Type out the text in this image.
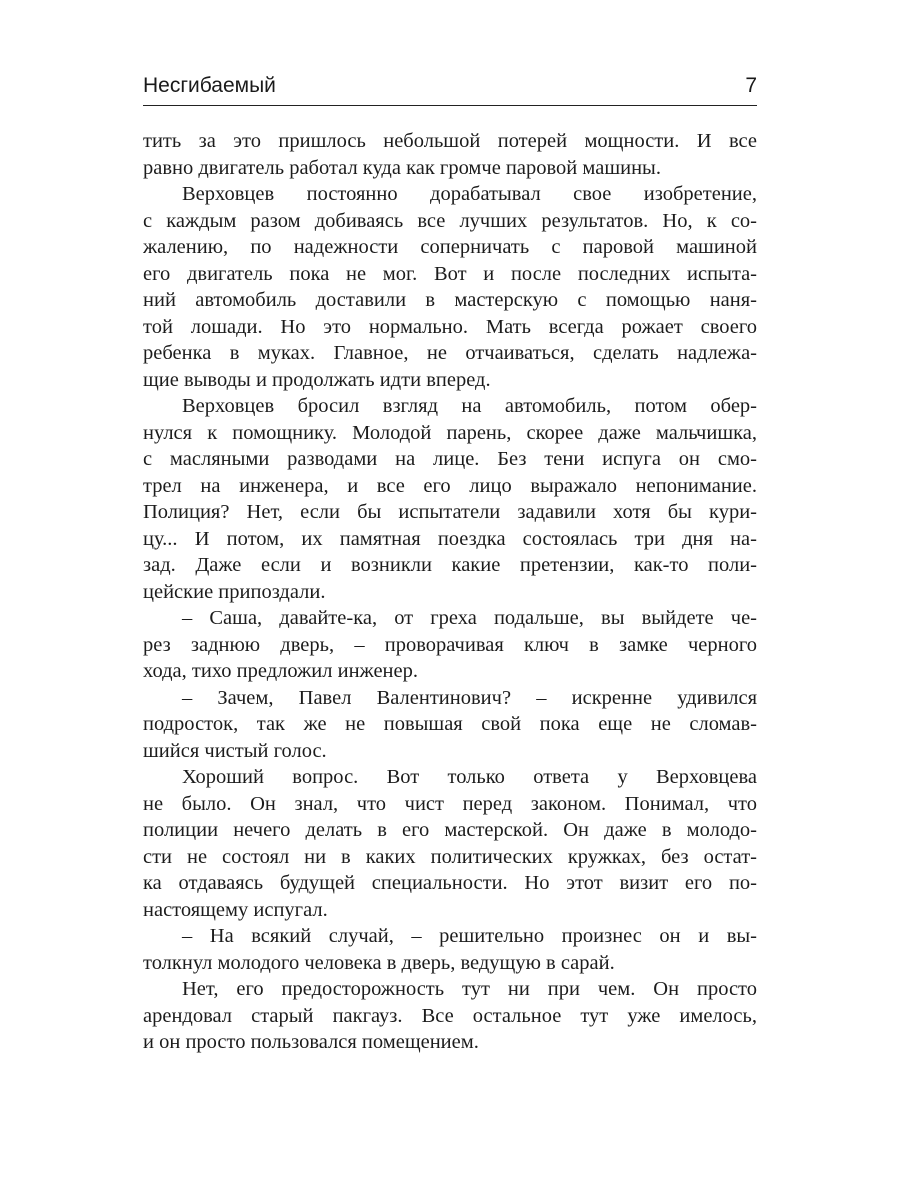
Несгибаемый	7
тить за это пришлось небольшой потерей мощности. И все
равно двигатель работал куда как громче паровой машины.
Верховцев постоянно дорабатывал свое изобретение,
с каждым разом добиваясь все лучших результатов. Но, к со-
жалению, по надежности соперничать с паровой машиной
его двигатель пока не мог. Вот и после последних испыта-
ний автомобиль доставили в мастерскую с помощью наня-
той лошади. Но это нормально. Мать всегда рожает своего
ребенка в муках. Главное, не отчаиваться, сделать надлежа-
щие выводы и продолжать идти вперед.
Верховцев бросил взгляд на автомобиль, потом обер-
нулся к помощнику. Молодой парень, скорее даже мальчишка,
с масляными разводами на лице. Без тени испуга он смо-
трел на инженера, и все его лицо выражало непонимание.
Полиция? Нет, если бы испытатели задавили хотя бы кури-
цу... И потом, их памятная поездка состоялась три дня на-
зад. Даже если и возникли какие претензии, как-то поли-
цейские припоздали.
– Саша, давайте-ка, от греха подальше, вы выйдете че-
рез заднюю дверь, – проворачивая ключ в замке черного
хода, тихо предложил инженер.
– Зачем, Павел Валентинович? – искренне удивился
подросток, так же не повышая свой пока еще не сломав-
шийся чистый голос.
Хороший вопрос. Вот только ответа у Верховцева
не было. Он знал, что чист перед законом. Понимал, что
полиции нечего делать в его мастерской. Он даже в молодо-
сти не состоял ни в каких политических кружках, без остат-
ка отдаваясь будущей специальности. Но этот визит его по-
настоящему испугал.
– На всякий случай, – решительно произнес он и вы-
толкнул молодого человека в дверь, ведущую в сарай.
Нет, его предосторожность тут ни при чем. Он просто
арендовал старый пакгауз. Все остальное тут уже имелось,
и он просто пользовался помещением.
